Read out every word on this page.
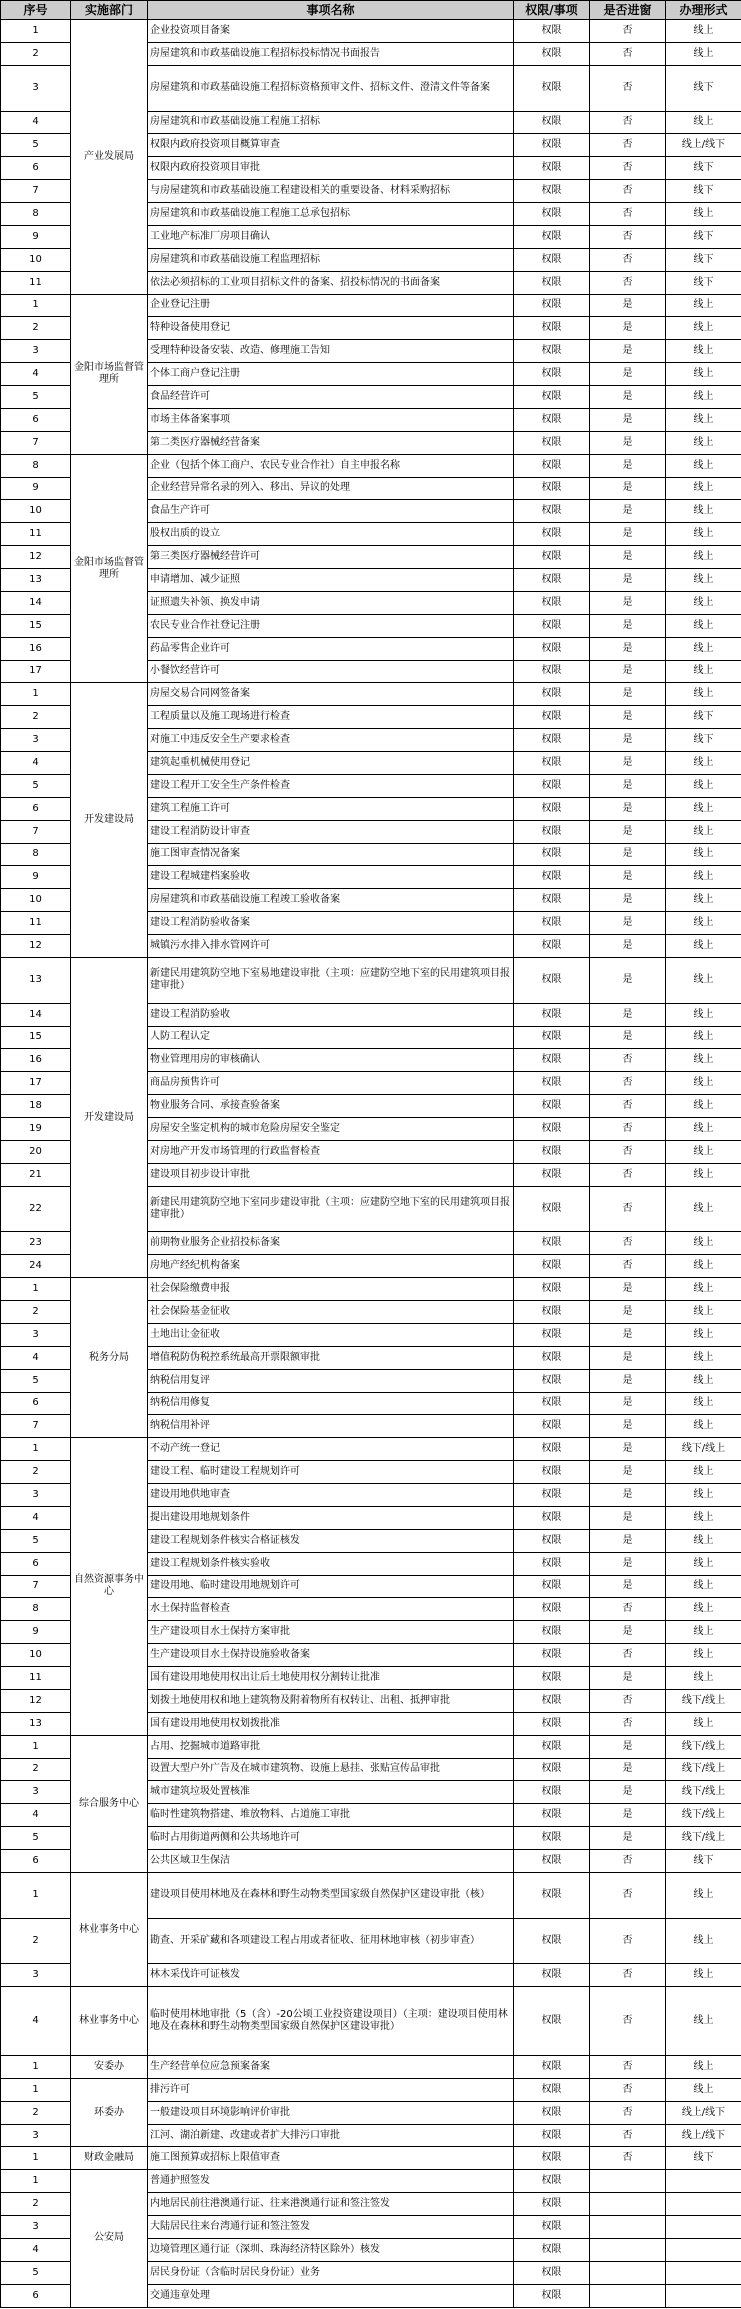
序号	实施部门	事项名称	权限/事项	是否进窗	办理形式
1	产业发展局	企业投资项目备案	权限	否	线上
2		房屋建筑和市政基础设施工程招标投标情况书面报告	权限	否	线上
3		房屋建筑和市政基础设施工程招标资格预审文件、招标文件、澄清文件等备案	权限	否	线下
4		房屋建筑和市政基础设施工程施工招标	权限	否	线上
5		权限内政府投资项目概算审查	权限	否	线上/线下
6		权限内政府投资项目审批	权限	否	线下
7		与房屋建筑和市政基础设施工程建设相关的重要设备、材料采购招标	权限	否	线下
8		房屋建筑和市政基础设施工程施工总承包招标	权限	否	线上
9		工业地产标准厂房项目确认	权限	否	线下
10		房屋建筑和市政基础设施工程监理招标	权限	否	线下
11		依法必须招标的工业项目招标文件的备案、招投标情况的书面备案	权限	否	线下
1	金阳市场监督管理所	企业登记注册	权限	是	线上
2		特种设备使用登记	权限	是	线上
3		受理特种设备安装、改造、修理施工告知	权限	是	线上
4		个体工商户登记注册	权限	是	线上
5		食品经营许可	权限	是	线上
6		市场主体备案事项	权限	是	线上
7		第二类医疗器械经营备案	权限	是	线上
8	金阳市场监督管理所	企业（包括个体工商户、农民专业合作社）自主申报名称	权限	是	线上
9		企业经营异常名录的列入、移出、异议的处理	权限	是	线上
10		食品生产许可	权限	是	线上
11		股权出质的设立	权限	是	线上
12		第三类医疗器械经营许可	权限	是	线上
13		申请增加、减少证照	权限	是	线上
14		证照遗失补领、换发申请	权限	是	线上
15		农民专业合作社登记注册	权限	是	线上
16		药品零售企业许可	权限	是	线上
17		小餐饮经营许可	权限	是	线上
1	开发建设局	房屋交易合同网签备案	权限	是	线上
2		工程质量以及施工现场进行检查	权限	是	线下
3		对施工中违反安全生产要求检查	权限	是	线下
4		建筑起重机械使用登记	权限	是	线上
5		建设工程开工安全生产条件检查	权限	是	线上
6		建筑工程施工许可	权限	是	线上
7		建设工程消防设计审查	权限	是	线上
8		施工图审查情况备案	权限	是	线上
9		建设工程城建档案验收	权限	是	线上
10		房屋建筑和市政基础设施工程竣工验收备案	权限	是	线上
11		建设工程消防验收备案	权限	是	线上
12		城镇污水排入排水管网许可	权限	是	线上
13	开发建设局	新建民用建筑防空地下室易地建设审批（主项：应建防空地下室的民用建筑项目报建审批）	权限	是	线上
14		建设工程消防验收	权限	是	线上
15		人防工程认定	权限	是	线上
16		物业管理用房的审核确认	权限	否	线上
17		商品房预售许可	权限	否	线上
18		物业服务合同、承接查验备案	权限	否	线上
19		房屋安全鉴定机构的城市危险房屋安全鉴定	权限	否	线上
20		对房地产开发市场管理的行政监督检查	权限	否	线上
21		建设项目初步设计审批	权限	否	线上
22		新建民用建筑防空地下室同步建设审批（主项：应建防空地下室的民用建筑项目报建审批）	权限	否	线上
23		前期物业服务企业招投标备案	权限	否	线上
24		房地产经纪机构备案	权限	否	线上
1	税务分局	社会保险缴费申报	权限	是	线上
2		社会保险基金征收	权限	是	线上
3		土地出让金征收	权限	是	线上
4		增值税防伪税控系统最高开票限额审批	权限	是	线上
5		纳税信用复评	权限	是	线上
6		纳税信用修复	权限	是	线上
7		纳税信用补评	权限	是	线上
1	自然资源事务中心	不动产统一登记	权限	是	线下/线上
2		建设工程、临时建设工程规划许可	权限	是	线上
3		建设用地供地审查	权限	是	线上
4		提出建设用地规划条件	权限	是	线上
5		建设工程规划条件核实合格证核发	权限	是	线上
6		建设工程规划条件核实验收	权限	是	线上
7		建设用地、临时建设用地规划许可	权限	是	线上
8		水土保持监督检查	权限	否	线上
9		生产建设项目水土保持方案审批	权限	是	线上
10		生产建设项目水土保持设施验收备案	权限	否	线上
11		国有建设用地使用权出让后土地使用权分割转让批准	权限	是	线上
12		划拨土地使用权和地上建筑物及附着物所有权转让、出租、抵押审批	权限	否	线下/线上
13		国有建设用地使用权划拨批准	权限	否	线上
1	综合服务中心	占用、挖掘城市道路审批	权限	是	线下/线上
2		设置大型户外广告及在城市建筑物、设施上悬挂、张贴宣传品审批	权限	是	线下/线上
3		城市建筑垃圾处置核准	权限	是	线下/线上
4		临时性建筑物搭建、堆放物料、占道施工审批	权限	是	线下/线上
5		临时占用街道两侧和公共场地许可	权限	是	线下/线上
6		公共区域卫生保洁	权限	否	线下
1	林业事务中心	建设项目使用林地及在森林和野生动物类型国家级自然保护区建设审批（核）	权限	否	线上
2		勘查、开采矿藏和各项建设工程占用或者征收、征用林地审核（初步审查）	权限	否	线上
3		林木采伐许可证核发	权限	否	线上
4	林业事务中心	临时使用林地审批（5（含）-20公顷工业投资建设项目）（主项：建设项目使用林地及在森林和野生动物类型国家级自然保护区建设审批）	权限	否	线上
1	安委办	生产经营单位应急预案备案	权限	否	线上
1	环委办	排污许可	权限	否	线上
2		一般建设项目环境影响评价审批	权限	否	线上/线下
3		江河、湖泊新建、改建或者扩大排污口审批	权限	否	线上/线下
1	财政金融局	施工图预算或招标上限值审查	权限	否	线下
1	公安局	普通护照签发	权限		
2		内地居民前往港澳通行证、往来港澳通行证和签注签发	权限		
3		大陆居民往来台湾通行证和签注签发	权限		
4		边境管理区通行证（深圳、珠海经济特区除外）核发	权限		
5		居民身份证（含临时居民身份证）业务	权限		
6		交通违章处理	权限		
